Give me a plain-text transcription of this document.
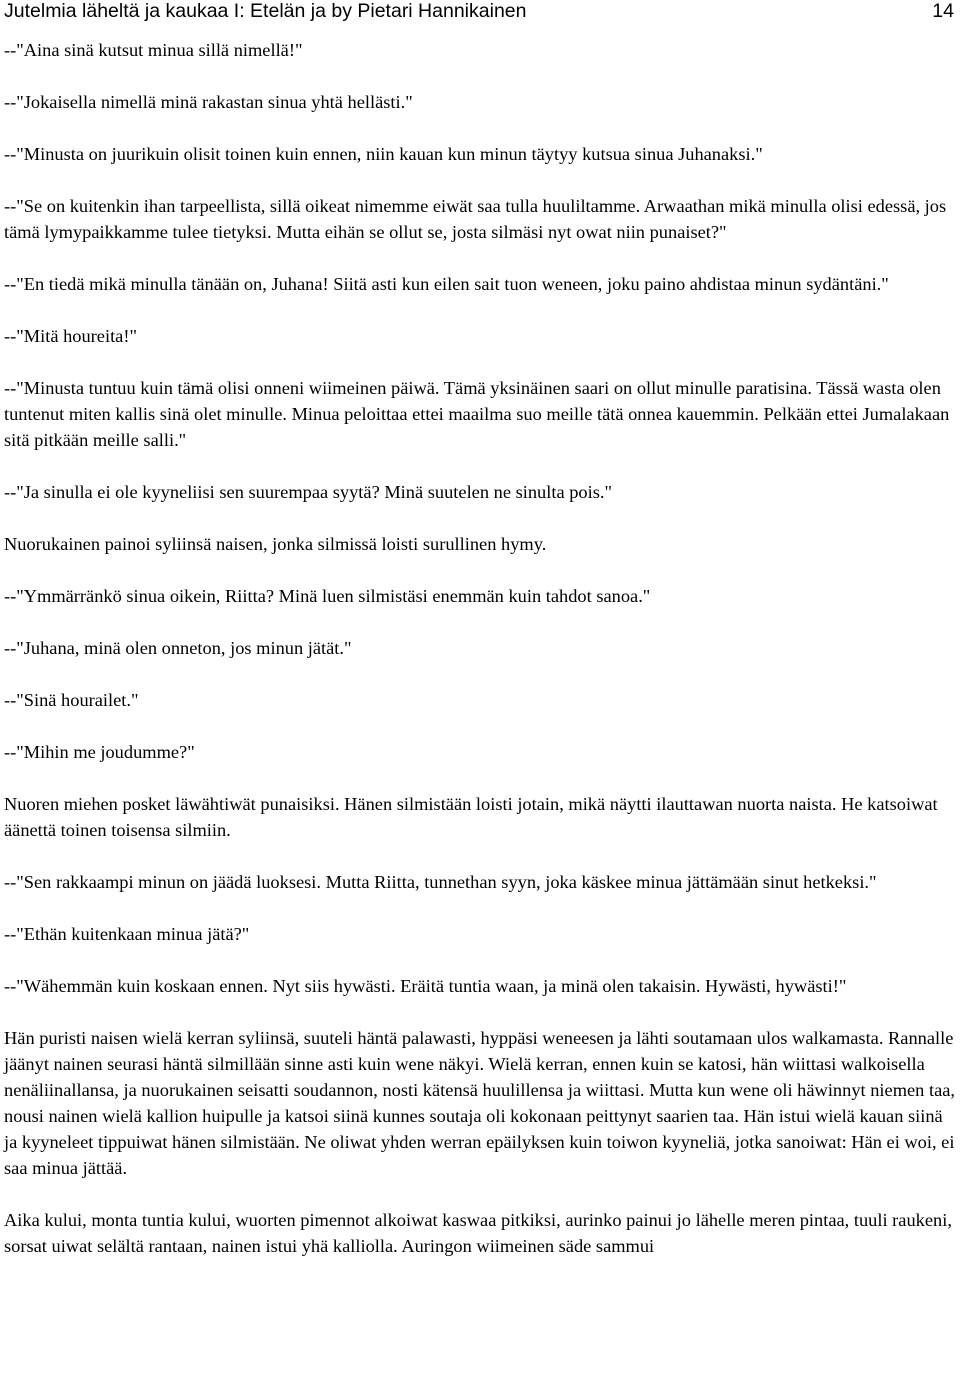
Jutelmia läheltä ja kaukaa I: Etelän ja by Pietari Hannikainen	14

--"Aina sinä kutsut minua sillä nimellä!"

--"Jokaisella nimellä minä rakastan sinua yhtä hellästi."

--"Minusta on juurikuin olisit toinen kuin ennen, niin kauan kun minun täytyy kutsua sinua Juhanaksi."

--"Se on kuitenkin ihan tarpeellista, sillä oikeat nimemme eiwät saa tulla huuliltamme. Arwaathan mikä minulla olisi edessä, jos tämä lymypaikkamme tulee tietyksi. Mutta eihän se ollut se, josta silmäsi nyt owat niin punaiset?"

--"En tiedä mikä minulla tänään on, Juhana! Siitä asti kun eilen sait tuon weneen, joku paino ahdistaa minun sydäntäni."

--"Mitä houreita!"

--"Minusta tuntuu kuin tämä olisi onneni wiimeinen päiwä. Tämä yksinäinen saari on ollut minulle paratisina. Tässä wasta olen tuntenut miten kallis sinä olet minulle. Minua peloittaa ettei maailma suo meille tätä onnea kauemmin. Pelkään ettei Jumalakaan sitä pitkään meille salli."

--"Ja sinulla ei ole kyyneliisi sen suurempaa syytä? Minä suutelen ne sinulta pois."

Nuorukainen painoi syliinsä naisen, jonka silmissä loisti surullinen hymy.

--"Ymmärränkö sinua oikein, Riitta? Minä luen silmistäsi enemmän kuin tahdot sanoa."

--"Juhana, minä olen onneton, jos minun jätät."

--"Sinä hourailet."

--"Mihin me joudumme?"

Nuoren miehen posket läwähtiwät punaisiksi. Hänen silmistään loisti jotain, mikä näytti ilauttawan nuorta naista. He katsoiwat äänettä toinen toisensa silmiin.

--"Sen rakkaampi minun on jäädä luoksesi. Mutta Riitta, tunnethan syyn, joka käskee minua jättämään sinut hetkeksi."

--"Ethän kuitenkaan minua jätä?"

--"Wähemmän kuin koskaan ennen. Nyt siis hywästi. Eräitä tuntia waan, ja minä olen takaisin. Hywästi, hywästi!"

Hän puristi naisen wielä kerran syliinsä, suuteli häntä palawasti, hyppäsi weneesen ja lähti soutamaan ulos walkamasta. Rannalle jäänyt nainen seurasi häntä silmillään sinne asti kuin wene näkyi. Wielä kerran, ennen kuin se katosi, hän wiittasi walkoisella nenäliinallansa, ja nuorukainen seisatti soudannon, nosti kätensä huulillensa ja wiittasi. Mutta kun wene oli häwinnyt niemen taa, nousi nainen wielä kallion huipulle ja katsoi siinä kunnes soutaja oli kokonaan peittynyt saarien taa. Hän istui wielä kauan siinä ja kyyneleet tippuiwat hänen silmistään. Ne oliwat yhden werran epäilyksen kuin toiwon kyyneliä, jotka sanoiwat: Hän ei woi, ei saa minua jättää.

Aika kului, monta tuntia kului, wuorten pimennot alkoiwat kaswaa pitkiksi, aurinko painui jo lähelle meren pintaa, tuuli raukeni, sorsat uiwat selältä rantaan, nainen istui yhä kalliolla. Auringon wiimeinen säde sammui
